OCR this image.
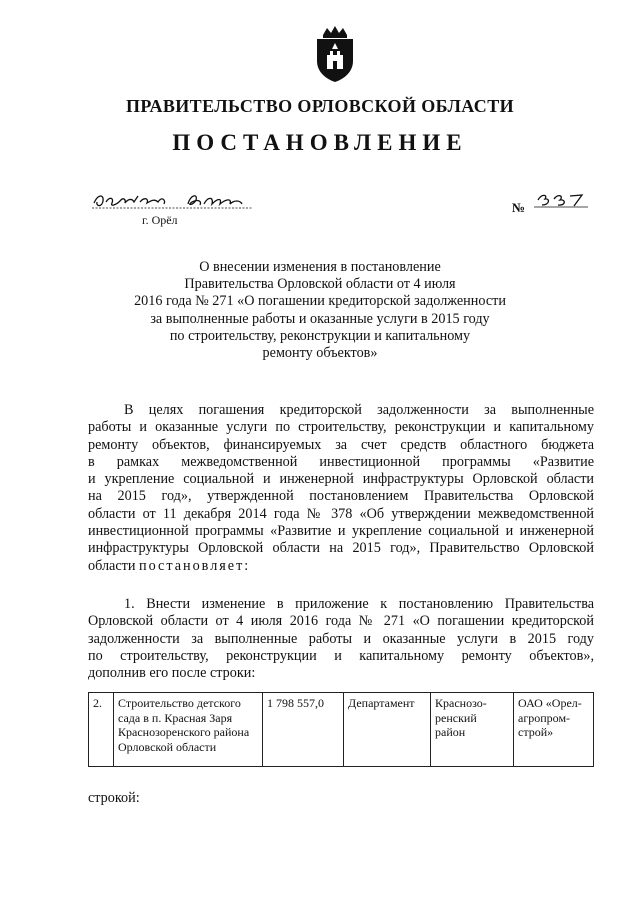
ПРАВИТЕЛЬСТВО ОРЛОВСКОЙ ОБЛАСТИ
ПОСТАНОВЛЕНИЕ
г. Орёл
№
О внесении изменения в постановление
Правительства Орловской области от 4 июля
2016 года № 271 «О погашении кредиторской задолженности
за выполненные работы и оказанные услуги в 2015 году
по строительству, реконструкции и капитальному
ремонту объектов»
В целях погашения кредиторской задолженности за выполненные
работы и оказанные услуги по строительству, реконструкции и капитальному
ремонту объектов, финансируемых за счет средств областного бюджета
в рамках межведомственной инвестиционной программы «Развитие
и укрепление социальной и инженерной инфраструктуры Орловской области
на 2015 год», утвержденной постановлением Правительства Орловской
области от 11 декабря 2014 года № 378 «Об утверждении межведомственной
инвестиционной программы «Развитие и укрепление социальной и инженерной
инфраструктуры Орловской области на 2015 год», Правительство Орловской
области постановляет:
1. Внести изменение в приложение к постановлению Правительства
Орловской области от 4 июля 2016 года № 271 «О погашении кредиторской
задолженности за выполненные работы и оказанные услуги в 2015 году
по строительству, реконструкции и капитальному ремонту объектов»,
дополнив его после строки:
2.	Строительство детского сада в п. Красная Заря Краснозоренского района Орловской области	1 798 557,0	Департамент	Краснозо-ренский район	ОАО «Орел-агропром-строй»
строкой:
